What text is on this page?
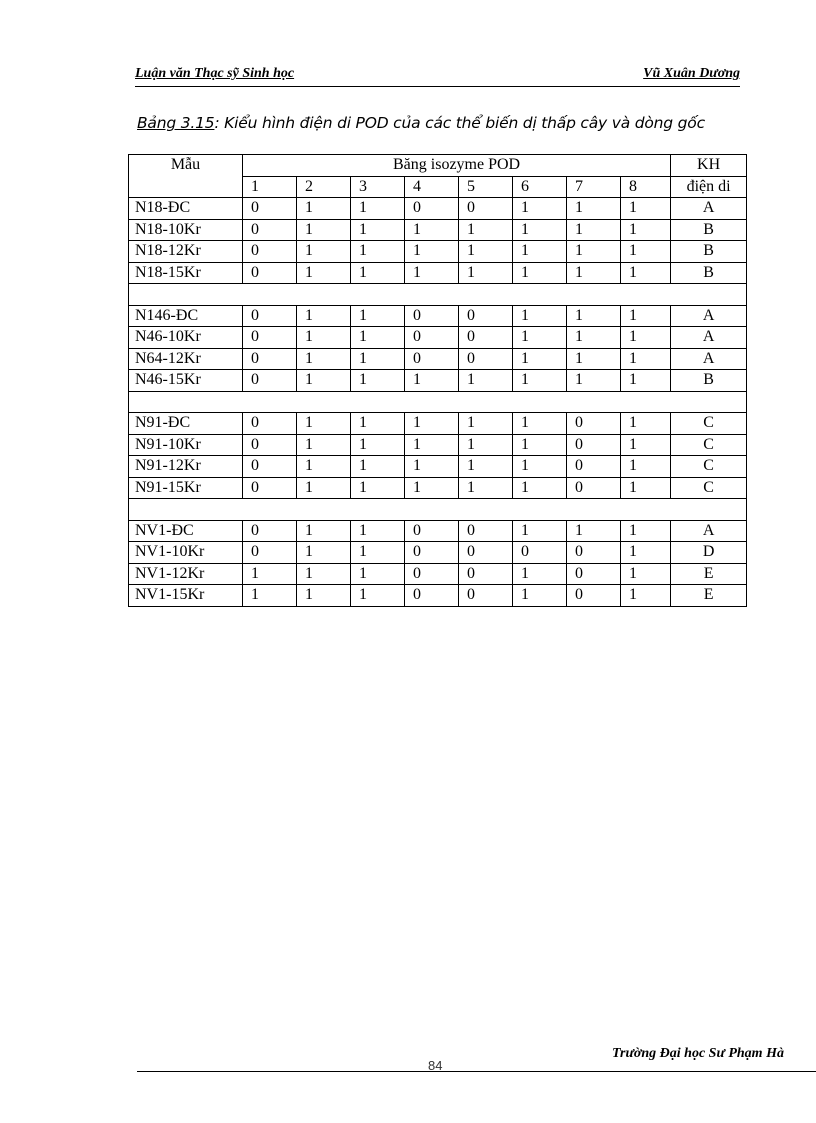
Luận văn Thạc sỹ Sinh học	Vũ Xuân Dương
Bảng 3.15: Kiểu hình điện di POD của các thể biến dị thấp cây và dòng gốc
Mẫu	Băng isozyme POD								KH
	1	2	3	4	5	6	7	8	điện di
N18-ĐC	0	1	1	0	0	1	1	1	A
N18-10Kr	0	1	1	1	1	1	1	1	B
N18-12Kr	0	1	1	1	1	1	1	1	B
N18-15Kr	0	1	1	1	1	1	1	1	B

N146-ĐC	0	1	1	0	0	1	1	1	A
N46-10Kr	0	1	1	0	0	1	1	1	A
N64-12Kr	0	1	1	0	0	1	1	1	A
N46-15Kr	0	1	1	1	1	1	1	1	B

N91-ĐC	0	1	1	1	1	1	0	1	C
N91-10Kr	0	1	1	1	1	1	0	1	C
N91-12Kr	0	1	1	1	1	1	0	1	C
N91-15Kr	0	1	1	1	1	1	0	1	C

NV1-ĐC	0	1	1	0	0	1	1	1	A
NV1-10Kr	0	1	1	0	0	0	0	1	D
NV1-12Kr	1	1	1	0	0	1	0	1	E
NV1-15Kr	1	1	1	0	0	1	0	1	E
Trường Đại học Sư Phạm Hà
84
